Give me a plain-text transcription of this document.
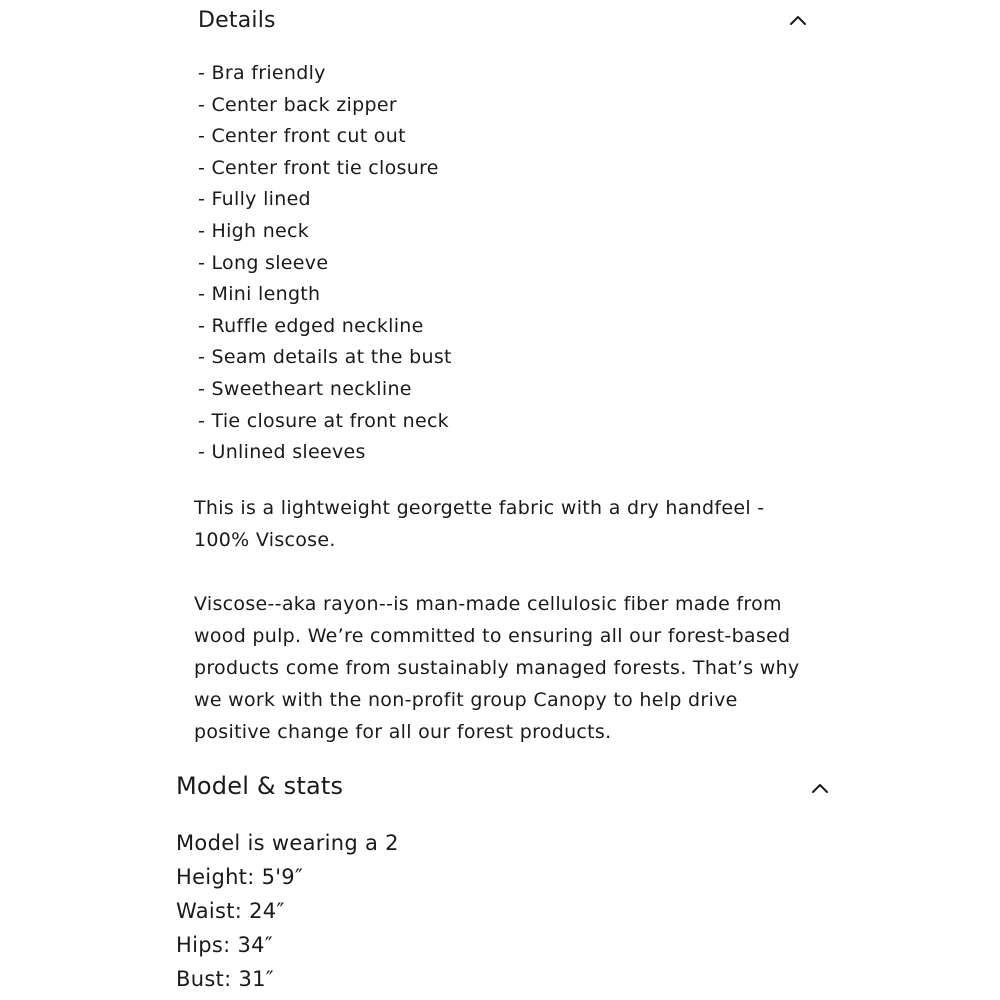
Details
- Bra friendly
- Center back zipper
- Center front cut out
- Center front tie closure
- Fully lined
- High neck
- Long sleeve
- Mini length
- Ruffle edged neckline
- Seam details at the bust
- Sweetheart neckline
- Tie closure at front neck
- Unlined sleeves

This is a lightweight georgette fabric with a dry handfeel - 100% Viscose.

Viscose--aka rayon--is man-made cellulosic fiber made from wood pulp. We’re committed to ensuring all our forest-based products come from sustainably managed forests. That’s why we work with the non-profit group Canopy to help drive positive change for all our forest products.

Model & stats
Model is wearing a 2
Height: 5'9″
Waist: 24″
Hips: 34″
Bust: 31″
